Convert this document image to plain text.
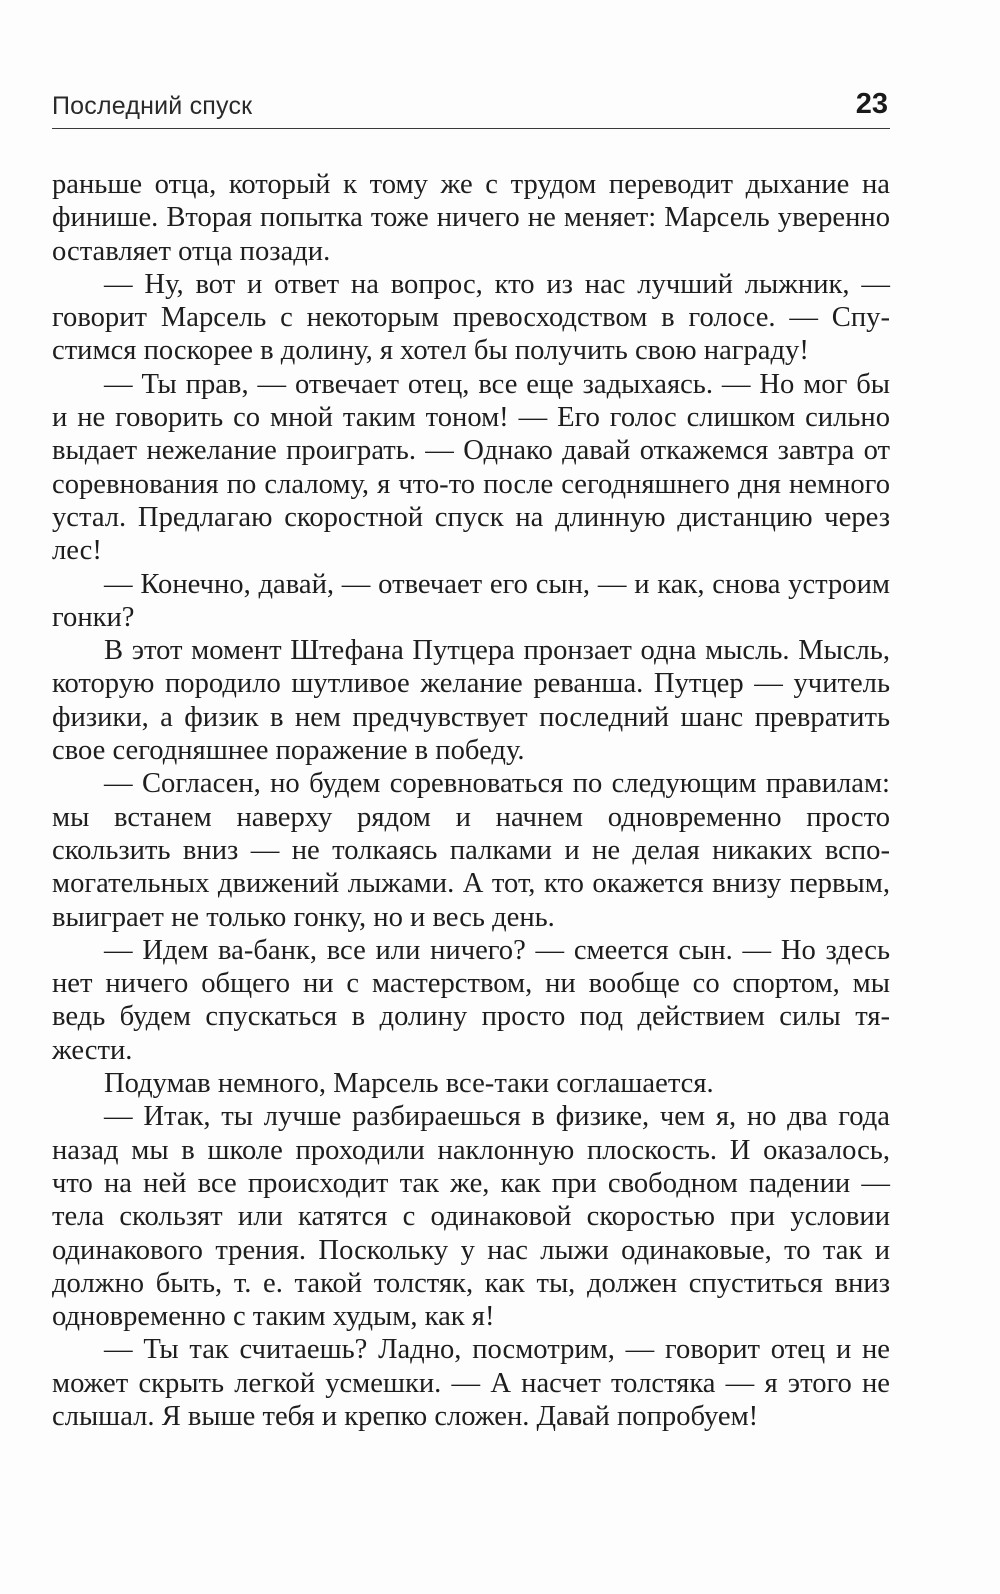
Последний спуск	23

раньше отца, который к тому же с трудом переводит дыхание на финише. Вторая попытка тоже ничего не меняет: Марсель уверенно оставляет отца позади.

— Ну, вот и ответ на вопрос, кто из нас лучший лыжник, — говорит Марсель с некоторым превосходством в голосе. — Спустимся поскорее в долину, я хотел бы получить свою награду!

— Ты прав, — отвечает отец, все еще задыхаясь. — Но мог бы и не говорить со мной таким тоном! — Его голос слишком сильно выдает нежелание проиграть. — Однако давай откажемся завтра от соревнования по слалому, я что-то после сегодняшнего дня немного устал. Предлагаю скоростной спуск на длинную дистанцию через лес!

— Конечно, давай, — отвечает его сын, — и как, снова устроим гонки?

В этот момент Штефана Путцера пронзает одна мысль. Мысль, которую породило шутливое желание реванша. Путцер — учитель физики, а физик в нем предчувствует последний шанс превратить свое сегодняшнее поражение в победу.

— Согласен, но будем соревноваться по следующим правилам: мы встанем наверху рядом и начнем одновременно просто скользить вниз — не толкаясь палками и не делая никаких вспомогательных движений лыжами. А тот, кто окажется внизу первым, выиграет не только гонку, но и весь день.

— Идем ва-банк, все или ничего? — смеется сын. — Но здесь нет ничего общего ни с мастерством, ни вообще со спортом, мы ведь будем спускаться в долину просто под действием силы тяжести.

Подумав немного, Марсель все-таки соглашается.

— Итак, ты лучше разбираешься в физике, чем я, но два года назад мы в школе проходили наклонную плоскость. И оказалось, что на ней все происходит так же, как при свободном падении — тела скользят или катятся с одинаковой скоростью при условии одинакового трения. Поскольку у нас лыжи одинаковые, то так и должно быть, т. е. такой толстяк, как ты, должен спуститься вниз одновременно с таким худым, как я!

— Ты так считаешь? Ладно, посмотрим, — говорит отец и не может скрыть легкой усмешки. — А насчет толстяка — я этого не слышал. Я выше тебя и крепко сложен. Давай попробуем!
